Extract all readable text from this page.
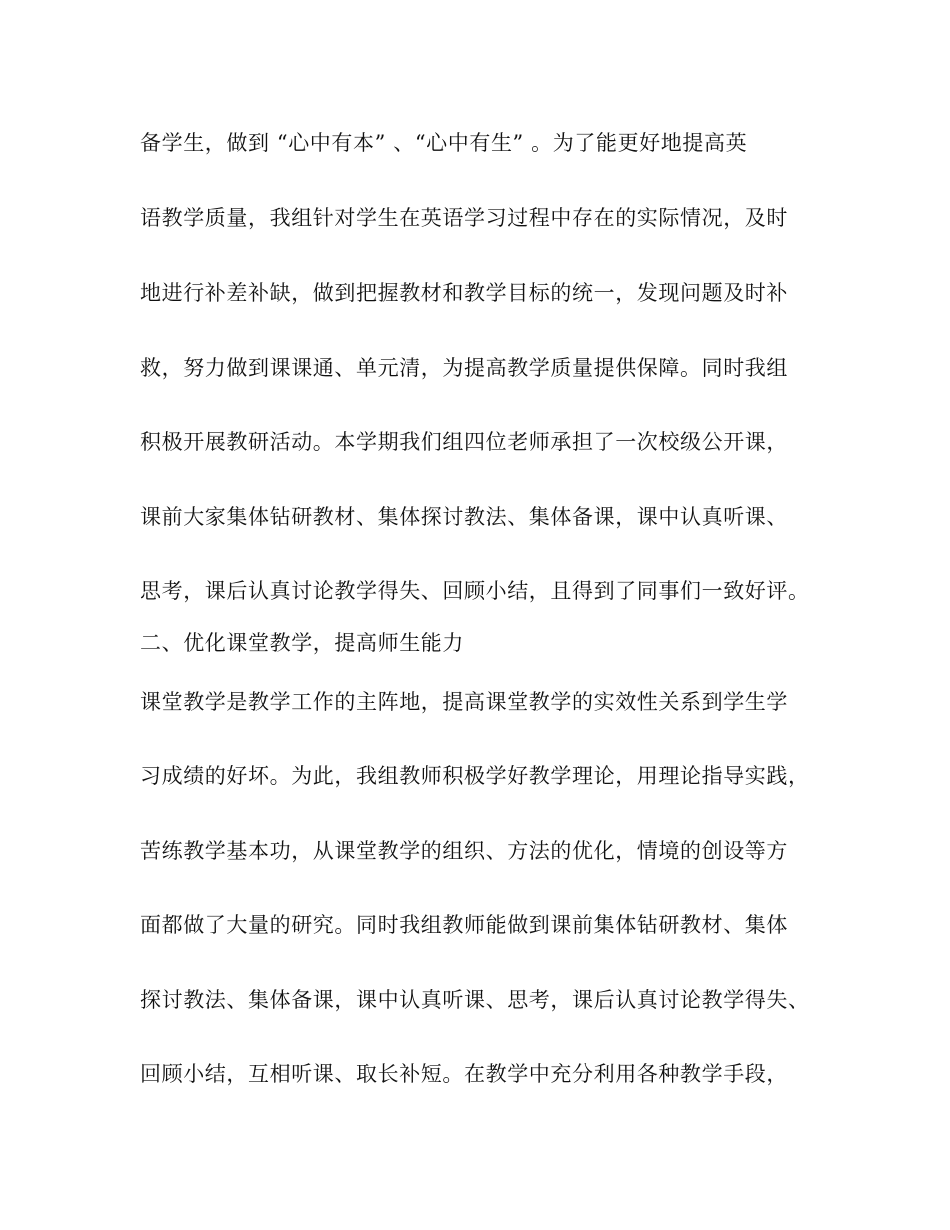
备学生，做到 “心中有本” 、“心中有生” 。为了能更好地提高英
语教学质量，我组针对学生在英语学习过程中存在的实际情况，及时
地进行补差补缺，做到把握教材和教学目标的统一，发现问题及时补
救，努力做到课课通、单元清，为提高教学质量提供保障。同时我组
积极开展教研活动。本学期我们组四位老师承担了一次校级公开课，
课前大家集体钻研教材、集体探讨教法、集体备课，课中认真听课、
思考，课后认真讨论教学得失、回顾小结，且得到了同事们一致好评。
二、优化课堂教学，提高师生能力
课堂教学是教学工作的主阵地，提高课堂教学的实效性关系到学生学
习成绩的好坏。为此，我组教师积极学好教学理论，用理论指导实践，
苦练教学基本功，从课堂教学的组织、方法的优化，情境的创设等方
面都做了大量的研究。同时我组教师能做到课前集体钻研教材、集体
探讨教法、集体备课，课中认真听课、思考，课后认真讨论教学得失、
回顾小结，互相听课、取长补短。在教学中充分利用各种教学手段，
